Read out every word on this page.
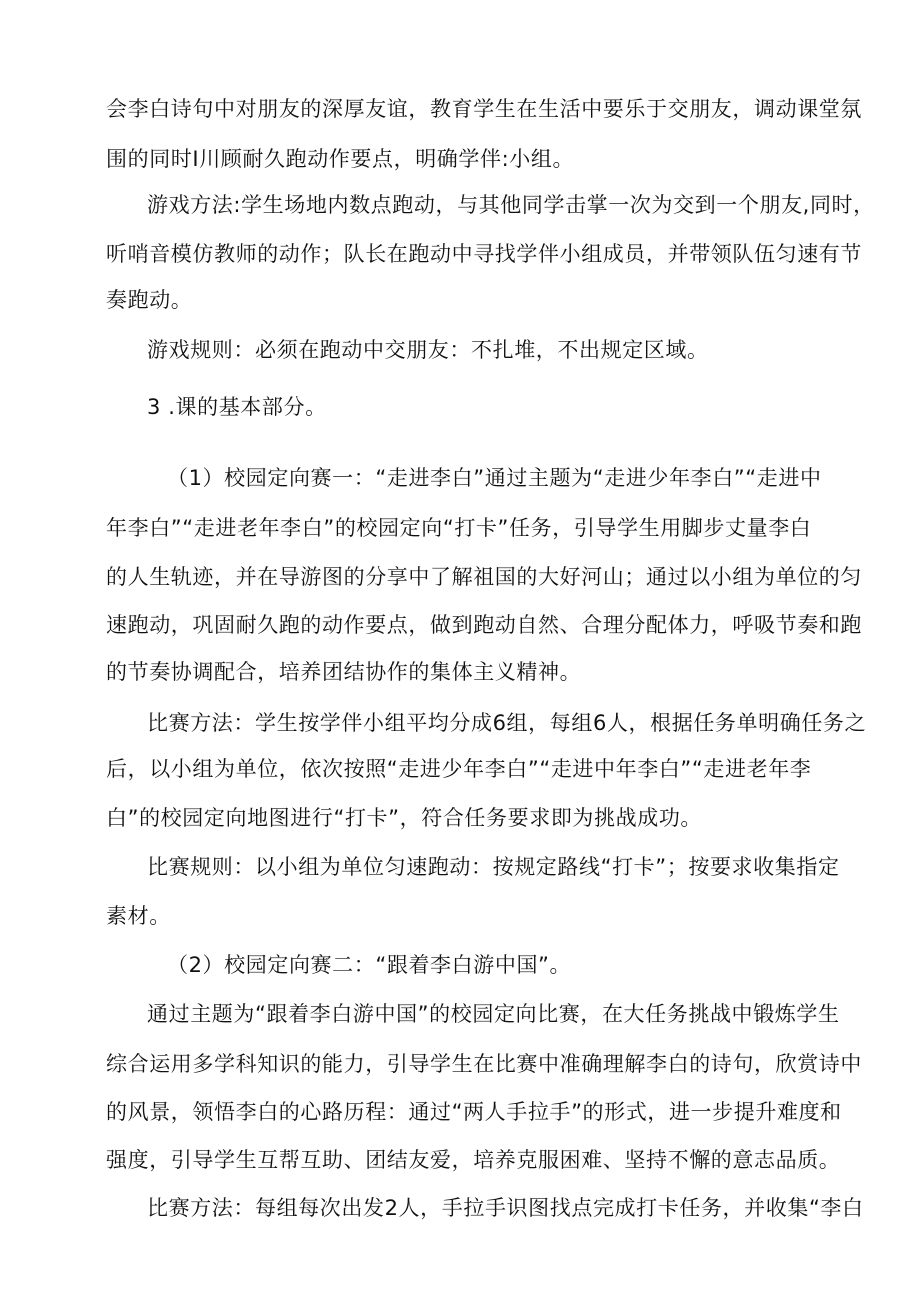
会李白诗句中对朋友的深厚友谊，教育学生在生活中要乐于交朋友，调动课堂氛
围的同时I川顾耐久跑动作要点，明确学伴:小组。
游戏方法:学生场地内数点跑动，与其他同学击掌一次为交到一个朋友,同时，
听哨音模仿教师的动作；队长在跑动中寻找学伴小组成员，并带领队伍匀速有节
奏跑动。
游戏规则：必须在跑动中交朋友：不扎堆，不出规定区域。
3 .课的基本部分。
（1）校园定向赛一：“走进李白”通过主题为“走进少年李白”“走进中
年李白”“走进老年李白”的校园定向“打卡”任务，引导学生用脚步丈量李白
的人生轨迹，并在导游图的分享中了解祖国的大好河山；通过以小组为单位的匀
速跑动，巩固耐久跑的动作要点，做到跑动自然、合理分配体力，呼吸节奏和跑
的节奏协调配合，培养团结协作的集体主义精神。
比赛方法：学生按学伴小组平均分成6组，每组6人，根据任务单明确任务之
后，以小组为单位，依次按照“走进少年李白”“走进中年李白”“走进老年李
白”的校园定向地图进行“打卡”，符合任务要求即为挑战成功。
比赛规则：以小组为单位匀速跑动：按规定路线“打卡”；按要求收集指定
素材。
（2）校园定向赛二：“跟着李白游中国”。
通过主题为“跟着李白游中国”的校园定向比赛，在大任务挑战中锻炼学生
综合运用多学科知识的能力，引导学生在比赛中准确理解李白的诗句，欣赏诗中
的风景，领悟李白的心路历程：通过“两人手拉手”的形式，进一步提升难度和
强度，引导学生互帮互助、团结友爱，培养克服困难、坚持不懈的意志品质。
比赛方法：每组每次出发2人，手拉手识图找点完成打卡任务，并收集“李白
